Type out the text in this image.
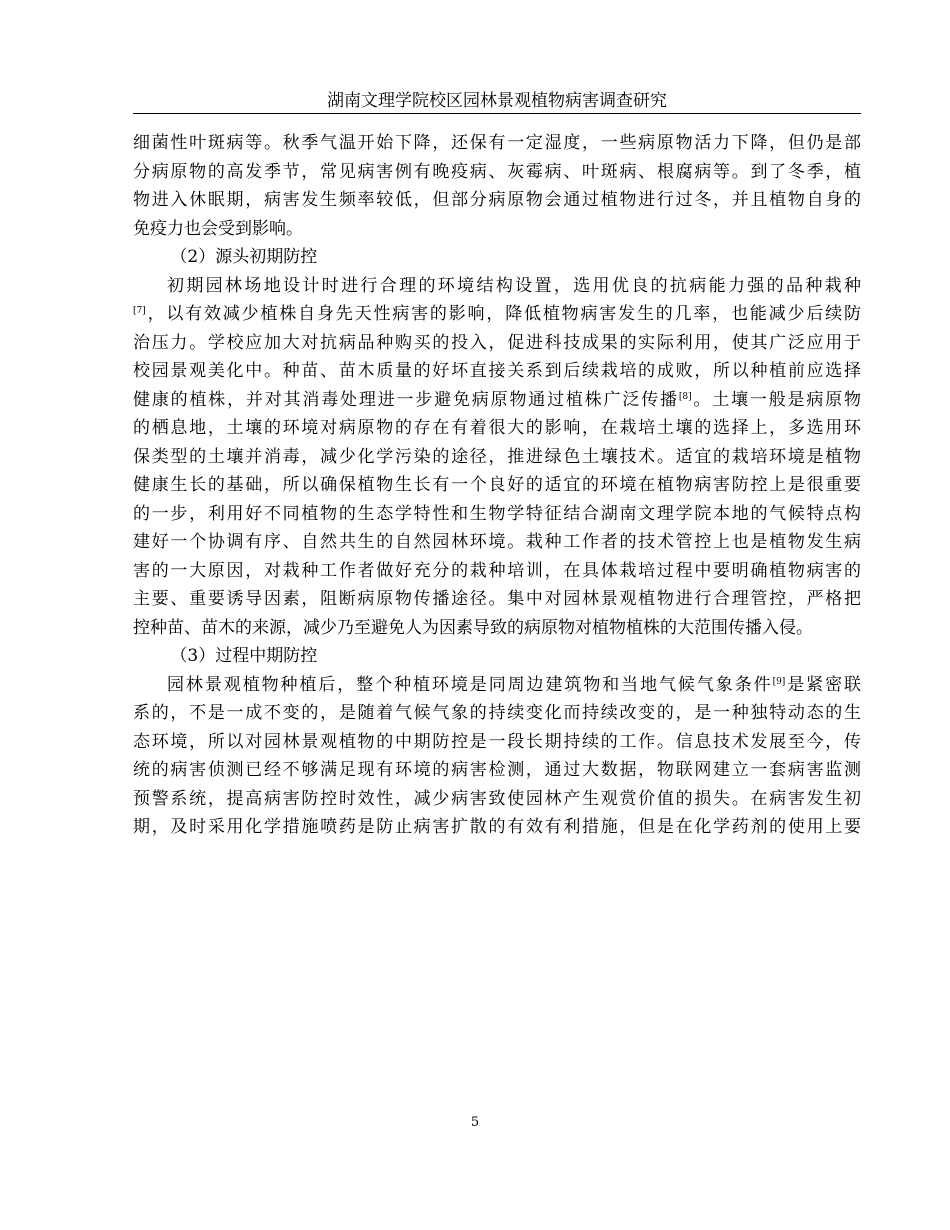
湖南文理学院校区园林景观植物病害调查研究

细菌性叶斑病等。秋季气温开始下降，还保有一定湿度，一些病原物活力下降，但仍是部

分病原物的高发季节，常见病害例有晚疫病、灰霉病、叶斑病、根腐病等。到了冬季，植

物进入休眠期，病害发生频率较低，但部分病原物会通过植物进行过冬，并且植物自身的

免疫力也会受到影响。

（2）源头初期防控

初期园林场地设计时进行合理的环境结构设置，选用优良的抗病能力强的品种栽种

[7]，以有效减少植株自身先天性病害的影响，降低植物病害发生的几率，也能减少后续防

治压力。学校应加大对抗病品种购买的投入，促进科技成果的实际利用，使其广泛应用于

校园景观美化中。种苗、苗木质量的好坏直接关系到后续栽培的成败，所以种植前应选择

健康的植株，并对其消毒处理进一步避免病原物通过植株广泛传播[8]。土壤一般是病原物

的栖息地，土壤的环境对病原物的存在有着很大的影响，在栽培土壤的选择上，多选用环

保类型的土壤并消毒，减少化学污染的途径，推进绿色土壤技术。适宜的栽培环境是植物

健康生长的基础，所以确保植物生长有一个良好的适宜的环境在植物病害防控上是很重要

的一步，利用好不同植物的生态学特性和生物学特征结合湖南文理学院本地的气候特点构

建好一个协调有序、自然共生的自然园林环境。栽种工作者的技术管控上也是植物发生病

害的一大原因，对栽种工作者做好充分的栽种培训，在具体栽培过程中要明确植物病害的

主要、重要诱导因素，阻断病原物传播途径。集中对园林景观植物进行合理管控，严格把

控种苗、苗木的来源，减少乃至避免人为因素导致的病原物对植物植株的大范围传播入侵。

（3）过程中期防控

园林景观植物种植后，整个种植环境是同周边建筑物和当地气候气象条件[9]是紧密联

系的，不是一成不变的，是随着气候气象的持续变化而持续改变的，是一种独特动态的生

态环境，所以对园林景观植物的中期防控是一段长期持续的工作。信息技术发展至今，传

统的病害侦测已经不够满足现有环境的病害检测，通过大数据，物联网建立一套病害监测

预警系统，提高病害防控时效性，减少病害致使园林产生观赏价值的损失。在病害发生初

期，及时采用化学措施喷药是防止病害扩散的有效有利措施，但是在化学药剂的使用上要

5
